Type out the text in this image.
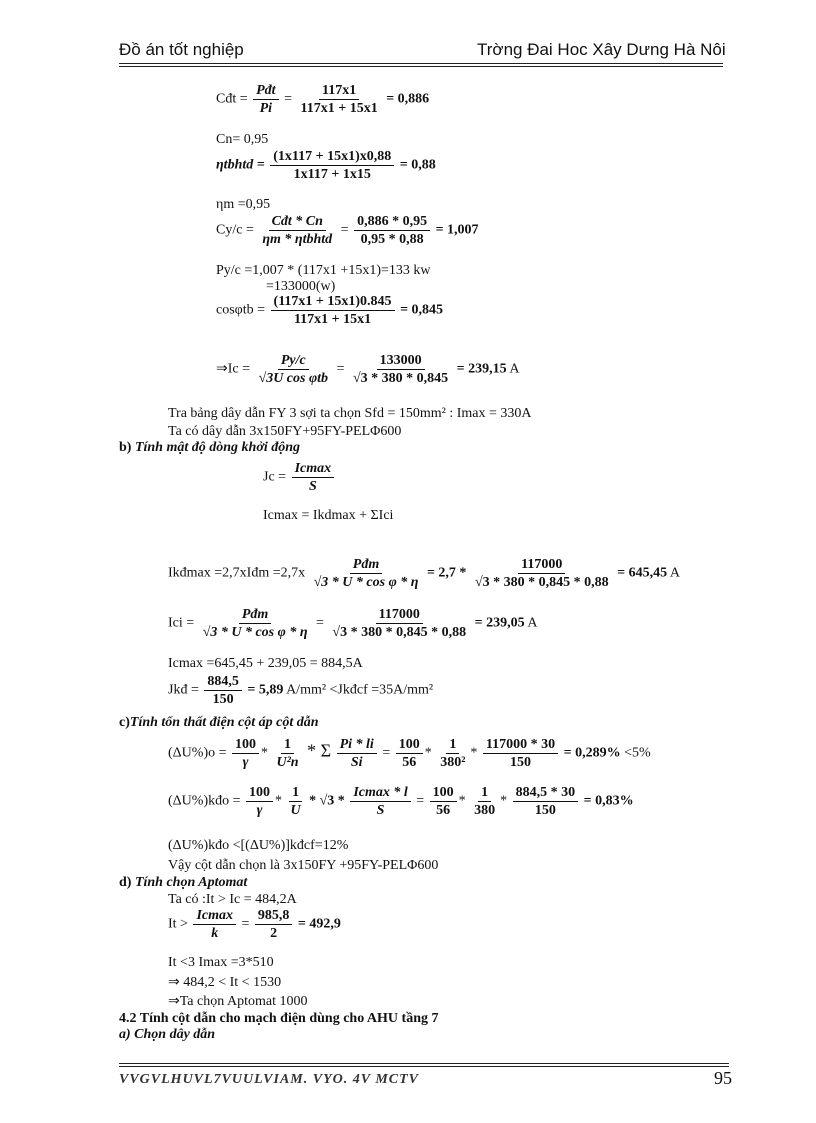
Đồ án tốt nghiệp	Trờng Đai Hoc Xây Dưng Hà Nôi
Cđt = $\frac{\text{Pđt}}{Pi} = \frac{117x1}{117x1 + 15x1} = 0,886$
Cn= 0,95
ηtbhtd = $\frac{(1x117 + 15x1)x0,88}{1x117 + 1x15} = 0,88$
ηm =0,95
$Cy/c = \frac{\text{Cđt * Cn}}{\text{ηm * ηtbhtd}} = \frac{0,886 * 0,95}{0,95 * 0,88} = 1,007$
Py/c =1,007 * (117x1 +15x1)=133 kw
=133000(w)
$\cos\varphi tb = \frac{(117x1 + 15x1)0.845}{117x1 + 15x1} = 0,845$
⇒Ic = $\frac{Py/c}{\text{√3U cos φtb}} = \frac{133000}{√3 * 380 * 0,845} = 239,15$ A
Tra bảng dây dẫn FY 3 sợi ta chọn Sfd = 150mm² : Imax = 330A
Ta có dây dẫn 3x150FY+95FY-PELΦ600
b) Tính mật độ dòng khởi động
$Jc = \frac{Icmax}{S}$
Icmax = Ikdmax + ΣIci
Ikđmax =2,7xIđm $=2,7x \frac{\text{Pđm}}{\text{√3 * U * cos φ * η}} = 2,7 * \frac{117000}{√3 * 380 * 0,845 * 0,88} = 645,45$ A
Ici = $\frac{\text{Pđm}}{\text{√3 * U * cos φ * η}} = \frac{117000}{√3 * 380 * 0,845 * 0,88} = 239,05$ A
Icmax =645,45 + 239,05 = 884,5A
Jkđ = $\frac{884,5}{150} = 5,89$ A/mm² <Jkđcf =35A/mm²
c)Tính tổn thất điện cột áp cột dẫn
$(\Delta U\%)o = \frac{100}{\gamma} * \frac{1}{\text{U²n}} * \Sigma \frac{Pi * li}{Si} = \frac{100}{56} * \frac{1}{\text{380²}} * \frac{117000 * 30}{150} = 0,289\% <5\%$
(ΔU%)kđo = $\frac{100}{\gamma} * \frac{1}{U} * √3 * \frac{Icmax * l}{S} = \frac{100}{56} * \frac{1}{380} * \frac{884,5 * 30}{150} = 0,83\%$
(ΔU%)kđo <[(ΔU%)]kđcf=12%
Vậy cột dẫn chọn là 3x150FY +95FY-PELΦ600
d) Tính chọn Aptomat
Ta có :It > Ic = 484,2A
$It > \frac{Icmax}{k} = \frac{985,8}{2} = 492,9$
It <3 Imax =3*510
⇒ 484,2 < It < 1530
⇒Ta chọn Aptomat 1000
4.2 Tính cột dẫn cho mạch điện dùng cho AHU tầng 7
a) Chọn dây dẫn
VVGVLHUVL7VUULVIAM. VYO. 4V MCTV	95
